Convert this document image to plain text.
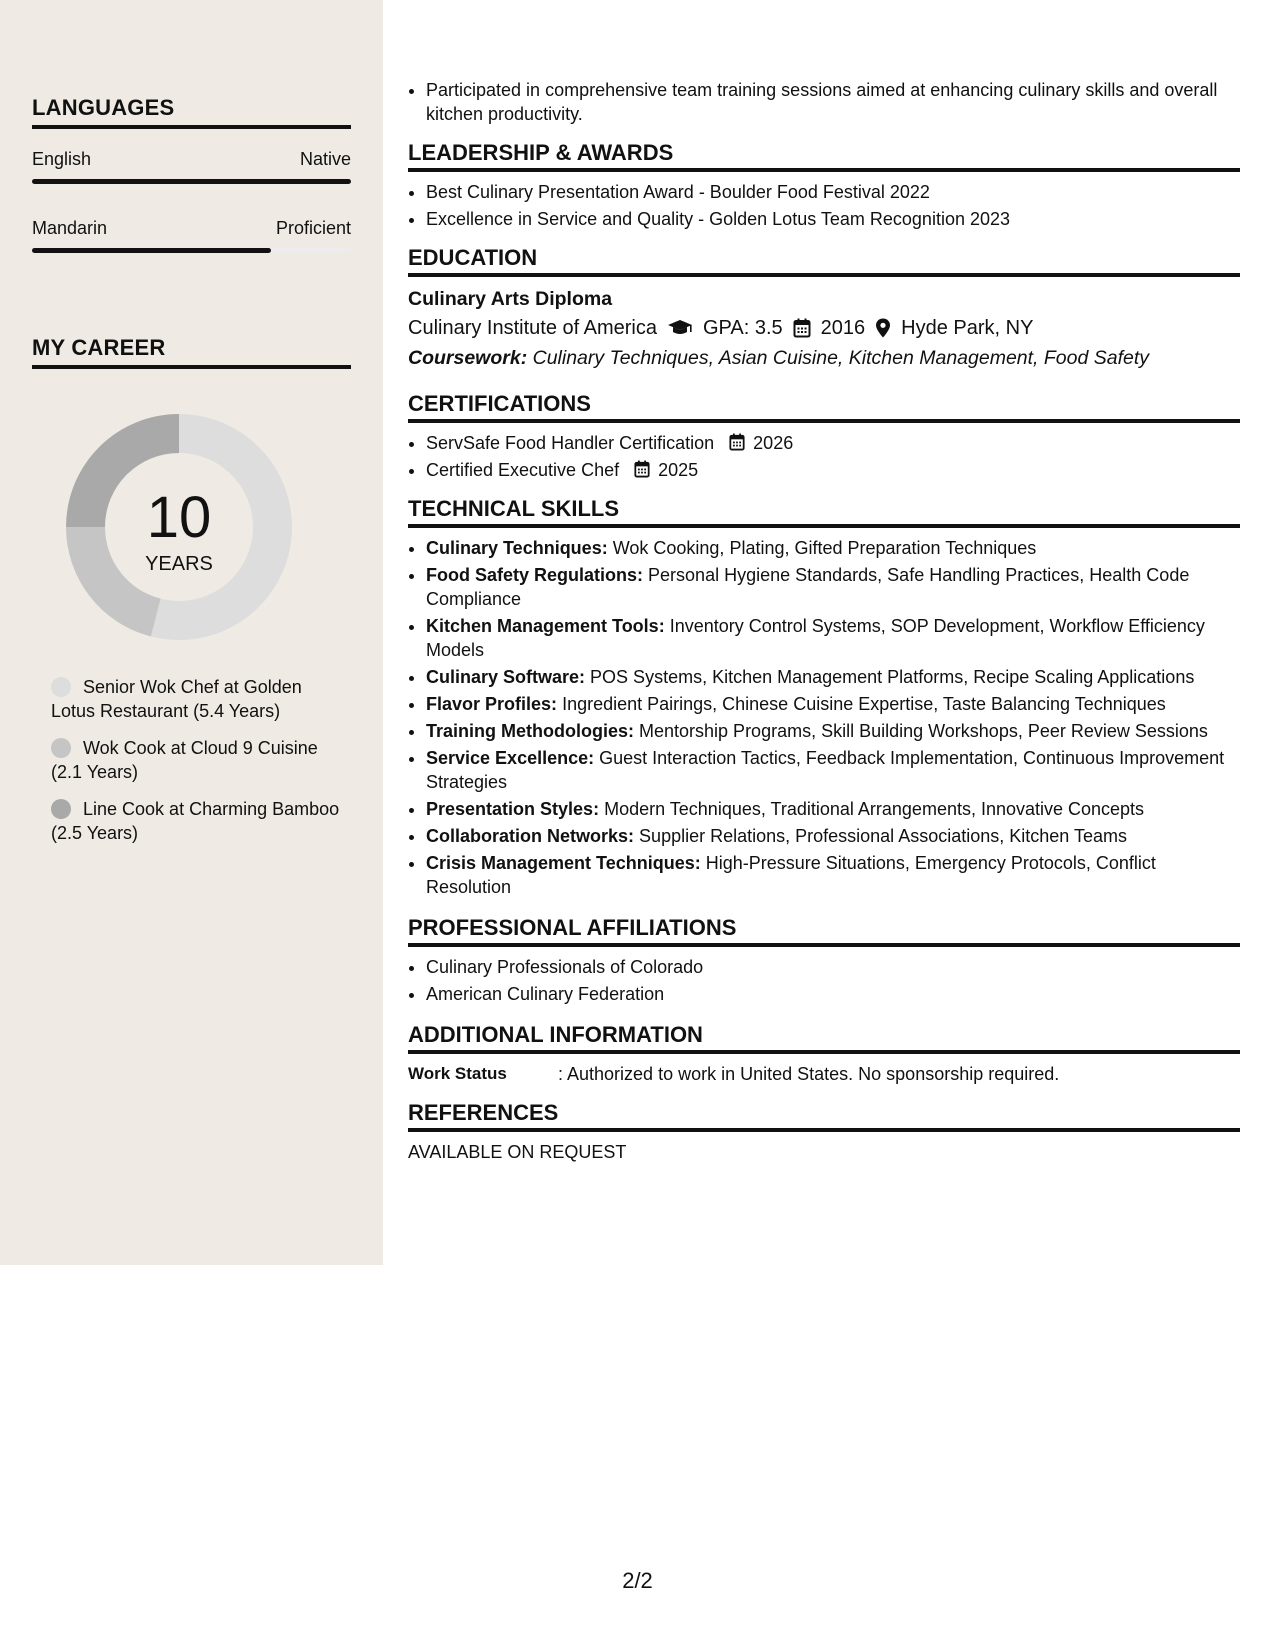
LANGUAGES
English	Native
Mandarin	Proficient
MY CAREER
10
YEARS
Senior Wok Chef at Golden Lotus Restaurant (5.4 Years)
Wok Cook at Cloud 9 Cuisine (2.1 Years)
Line Cook at Charming Bamboo (2.5 Years)
• Participated in comprehensive team training sessions aimed at enhancing culinary skills and overall kitchen productivity.
LEADERSHIP & AWARDS
• Best Culinary Presentation Award - Boulder Food Festival 2022
• Excellence in Service and Quality - Golden Lotus Team Recognition 2023
EDUCATION
Culinary Arts Diploma
Culinary Institute of America GPA: 3.5 2016 Hyde Park, NY
Coursework: Culinary Techniques, Asian Cuisine, Kitchen Management, Food Safety
CERTIFICATIONS
• ServSafe Food Handler Certification 2026
• Certified Executive Chef 2025
TECHNICAL SKILLS
• Culinary Techniques: Wok Cooking, Plating, Gifted Preparation Techniques
• Food Safety Regulations: Personal Hygiene Standards, Safe Handling Practices, Health Code Compliance
• Kitchen Management Tools: Inventory Control Systems, SOP Development, Workflow Efficiency Models
• Culinary Software: POS Systems, Kitchen Management Platforms, Recipe Scaling Applications
• Flavor Profiles: Ingredient Pairings, Chinese Cuisine Expertise, Taste Balancing Techniques
• Training Methodologies: Mentorship Programs, Skill Building Workshops, Peer Review Sessions
• Service Excellence: Guest Interaction Tactics, Feedback Implementation, Continuous Improvement Strategies
• Presentation Styles: Modern Techniques, Traditional Arrangements, Innovative Concepts
• Collaboration Networks: Supplier Relations, Professional Associations, Kitchen Teams
• Crisis Management Techniques: High-Pressure Situations, Emergency Protocols, Conflict Resolution
PROFESSIONAL AFFILIATIONS
• Culinary Professionals of Colorado
• American Culinary Federation
ADDITIONAL INFORMATION
Work Status	: Authorized to work in United States. No sponsorship required.
REFERENCES
AVAILABLE ON REQUEST
2/2
